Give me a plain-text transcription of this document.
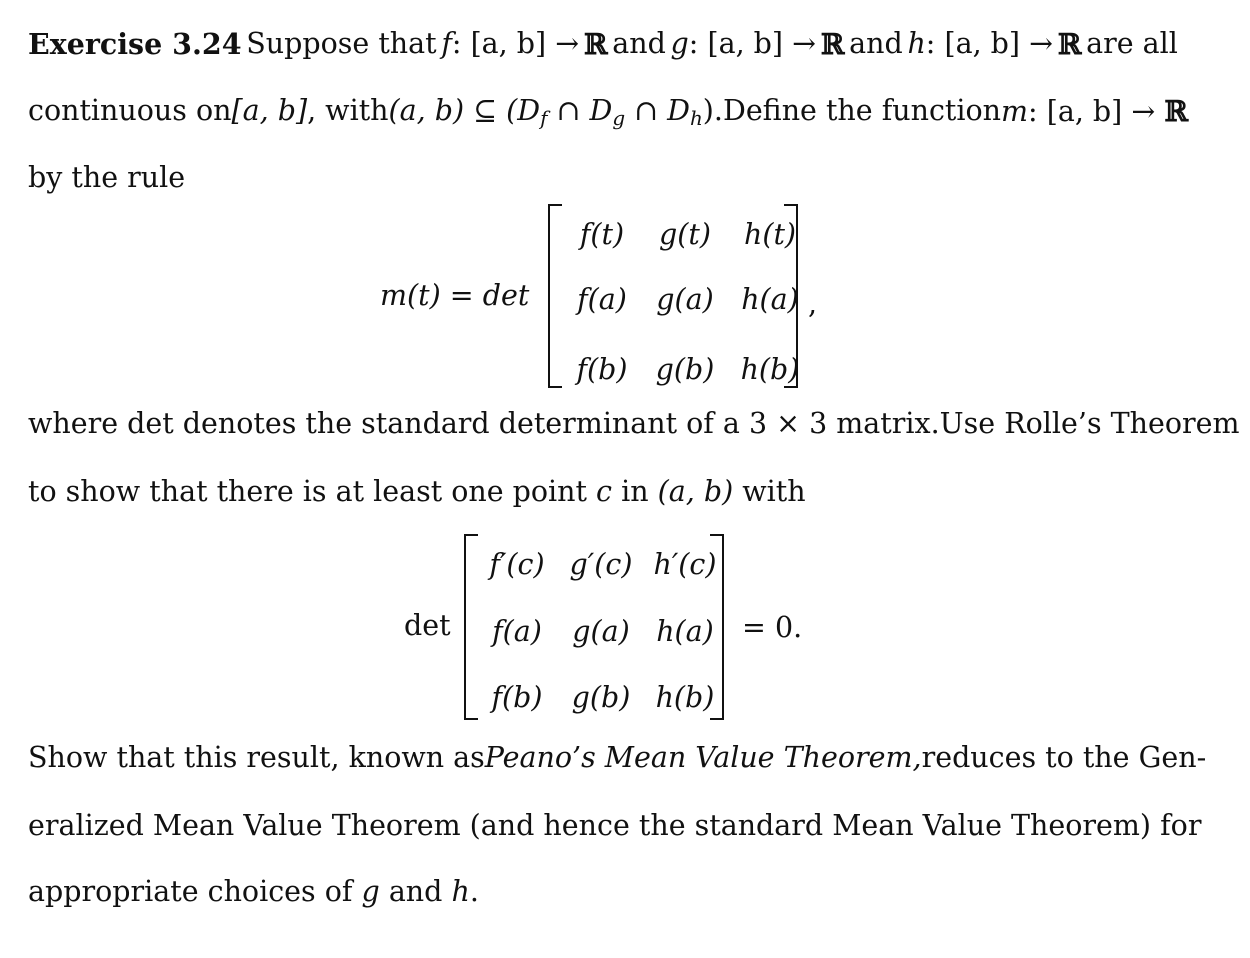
Exercise 3.24 Suppose that f: [a, b] → ℝ and g: [a, b] → ℝ and h: [a, b] → ℝ are all
continuous on [a, b], with (a, b) ⊆ ($D_f$ ∩ $D_g$ ∩ $D_h$). Define the function m: [a, b] → ℝ
by the rule
m(t) = det
f(t)	g(t)	h(t)
f(a)	g(a) h(a)
f(b) g(b) h(b)
,
where det denotes the standard determinant of a 3 × 3 matrix. Use Rolle’s Theorem
to show that there is at least one point c in (a, b) with
det
f′(c) g′(c) h′(c)
f(a)	g(a) h(a)
f(b)	g(b) h(b)
= 0.
Show that this result, known as Peano’s Mean Value Theorem, reduces to the Gen-
eralized Mean Value Theorem (and hence the standard Mean Value Theorem) for
appropriate choices of g and h.
